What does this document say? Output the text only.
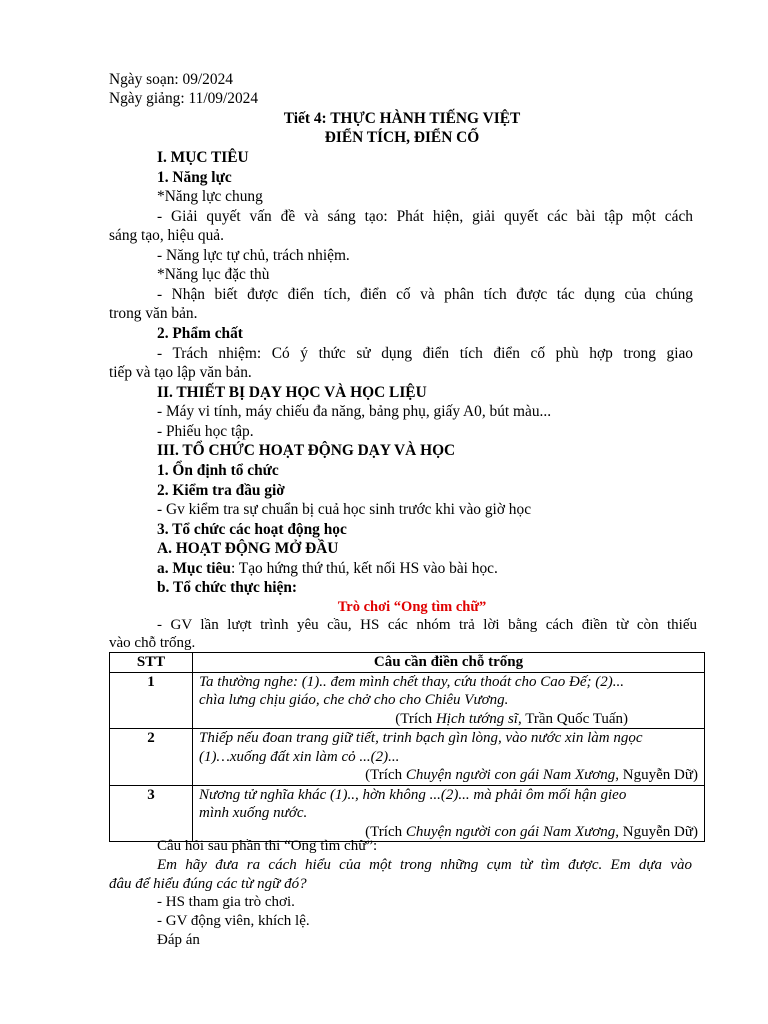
Ngày soạn: 09/2024
Ngày giảng: 11/09/2024
Tiết 4: THỰC HÀNH TIẾNG VIỆT
ĐIỂN TÍCH, ĐIỂN CỐ
I. MỤC TIÊU
1. Năng lực
*Năng lực chung
- Giải quyết vấn đề và sáng tạo: Phát hiện, giải quyết các bài tập một cách
sáng tạo, hiệu quả.
- Năng lực tự chủ, trách nhiệm.
*Năng lục đặc thù
- Nhận biết được điển tích, điển cố và phân tích được tác dụng của chúng
trong văn bản.
2. Phẩm chất
- Trách nhiệm: Có ý thức sử dụng điển tích điển cố phù hợp trong giao
tiếp và tạo lập văn bản.
II. THIẾT BỊ DẠY HỌC VÀ HỌC LIỆU
- Máy vi tính, máy chiếu đa năng, bảng phụ, giấy A0, bút màu...
- Phiếu học tập.
III. TỔ CHỨC HOẠT ĐỘNG DẠY VÀ HỌC
1. Ổn định tổ chức
2. Kiểm tra đầu giờ
- Gv kiểm tra sự chuẩn bị cuả học sinh trước khi vào giờ học
3. Tổ chức các hoạt động học
A. HOẠT ĐỘNG MỞ ĐẦU
a. Mục tiêu: Tạo hứng thứ thú, kết nối HS vào bài học.
b. Tổ chức thực hiện:
Trò chơi “Ong tìm chữ”
- GV lần lượt trình yêu cầu, HS các nhóm trả lời bằng cách điền từ còn thiếu
vào chỗ trống.
STT	Câu cần điền chỗ trống
1	Ta thường nghe: (1).. đem mình chết thay, cứu thoát cho Cao Đế; (2)...
chìa lưng chịu giáo, che chở cho cho Chiêu Vương.
(Trích Hịch tướng sĩ, Trần Quốc Tuấn)

2	Thiếp nếu đoan trang giữ tiết, trinh bạch gìn lòng, vào nước xin làm ngọc
(1)…xuống đất xin làm cỏ ...(2)...
(Trích Chuyện người con gái Nam Xương, Nguyễn Dữ)

3	Nương tử nghĩa khác (1).., hờn không ...(2)... mà phải ôm mối hận gieo
mình xuống nước.
(Trích Chuyện người con gái Nam Xương, Nguyễn Dữ)
Câu hỏi sau phần thi “Ong tìm chữ”:
Em hãy đưa ra cách hiểu của một trong những cụm từ tìm được. Em dựa vào
đâu để hiểu đúng các từ ngữ đó?
- HS tham gia trò chơi.
- GV động viên, khích lệ.
Đáp án
